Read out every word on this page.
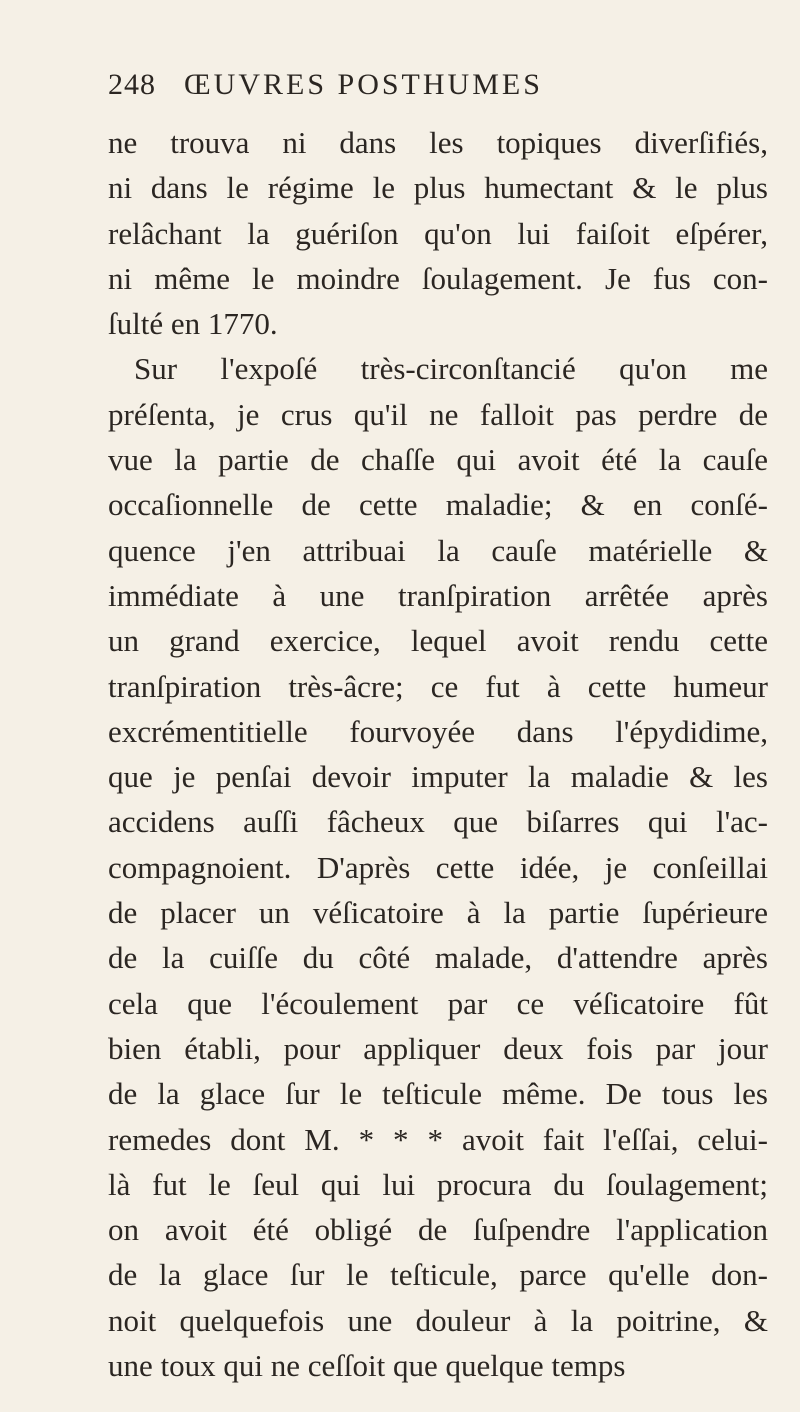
248 ŒUVRES POSTHUMES
ne trouva ni dans les topiques diverſifiés,
ni dans le régime le plus humectant & le plus
relâchant la guériſon qu'on lui faiſoit eſpérer,
ni même le moindre ſoulagement. Je fus con-
ſulté en 1770.
Sur l'expoſé très-circonſtancié qu'on me
préſenta, je crus qu'il ne falloit pas perdre de
vue la partie de chaſſe qui avoit été la cauſe
occaſionnelle de cette maladie; & en conſé-
quence j'en attribuai la cauſe matérielle &
immédiate à une tranſpiration arrêtée après
un grand exercice, lequel avoit rendu cette
tranſpiration très-âcre; ce fut à cette humeur
excrémentitielle fourvoyée dans l'épydidime,
que je penſai devoir imputer la maladie & les
accidens auſſi fâcheux que biſarres qui l'ac-
compagnoient. D'après cette idée, je conſeillai
de placer un véſicatoire à la partie ſupérieure
de la cuiſſe du côté malade, d'attendre après
cela que l'écoulement par ce véſicatoire fût
bien établi, pour appliquer deux fois par jour
de la glace ſur le teſticule même. De tous les
remedes dont M. * * * avoit fait l'eſſai, celui-
là fut le ſeul qui lui procura du ſoulagement;
on avoit été obligé de ſuſpendre l'application
de la glace ſur le teſticule, parce qu'elle don-
noit quelquefois une douleur à la poitrine, &
une toux qui ne ceſſoit que quelque temps
